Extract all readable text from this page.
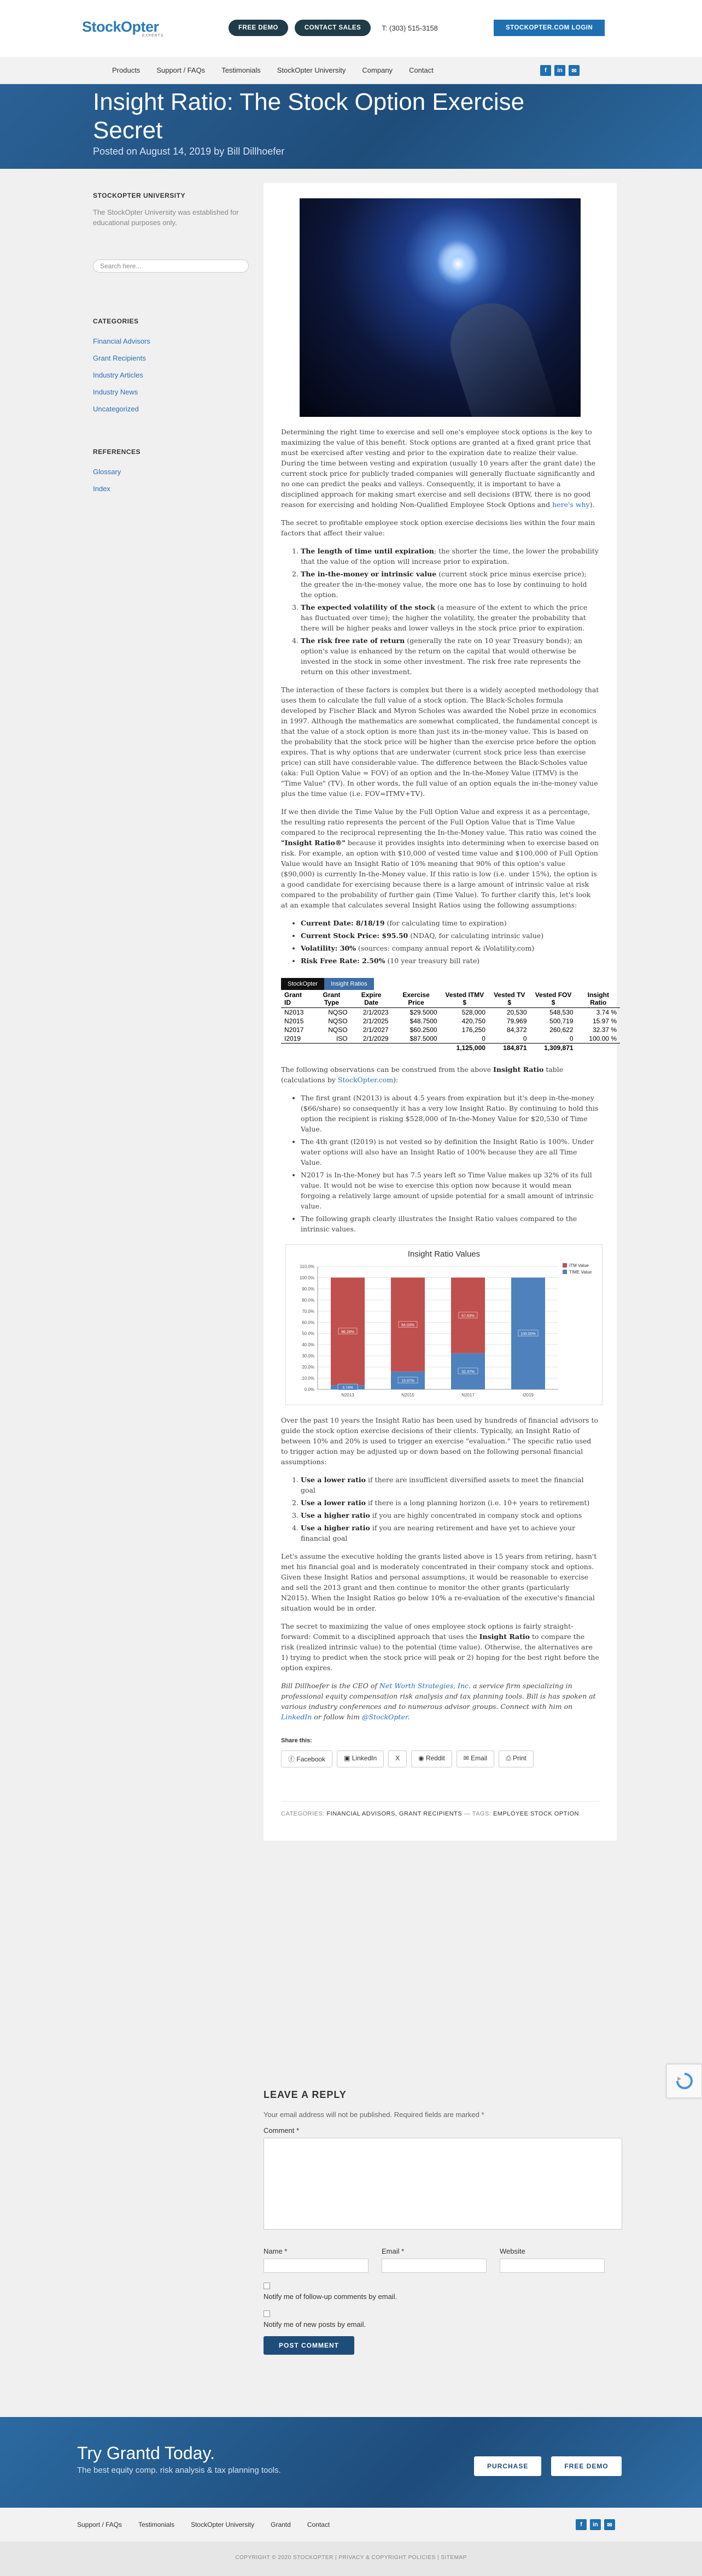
StockOpter
EXPERTS
FREE DEMO	CONTACT SALES	T: (303) 515-3158	STOCKOPTER.COM LOGIN
Products Support / FAQs Testimonials StockOpter University Company Contact	f	in	✉
Insight Ratio: The Stock Option Exercise Secret
Posted on August 14, 2019 by Bill Dillhoefer
STOCKOPTER UNIVERSITY
The StockOpter University was established for educational purposes only.
Search here...
CATEGORIES
Financial Advisors
Grant Recipients
Industry Articles
Industry News
Uncategorized
REFERENCES
Glossary
Index

Determining the right time to exercise and sell one's employee stock options is the key to maximizing the value of this benefit. Stock options are granted at a fixed grant price that must be exercised after vesting and prior to the expiration date to realize their value. During the time between vesting and expiration (usually 10 years after the grant date) the current stock price for publicly traded companies will generally fluctuate significantly and no one can predict the peaks and valleys. Consequently, it is important to have a disciplined approach for making smart exercise and sell decisions (BTW, there is no good reason for exercising and holding Non-Qualified Employee Stock Options and here's why).

The secret to profitable employee stock option exercise decisions lies within the four main factors that affect their value:

1. The length of time until expiration; the shorter the time, the lower the probability that the value of the option will increase prior to expiration.
2. The in-the-money or intrinsic value (current stock price minus exercise price); the greater the in-the-money value, the more one has to lose by continuing to hold the option.
3. The expected volatility of the stock (a measure of the extent to which the price has fluctuated over time); the higher the volatility, the greater the probability that there will be higher peaks and lower valleys in the stock price prior to expiration.
4. The risk free rate of return (generally the rate on 10 year Treasury bonds); an option's value is enhanced by the return on the capital that would otherwise be invested in the stock in some other investment. The risk free rate represents the return on this other investment.

The interaction of these factors is complex but there is a widely accepted methodology that uses them to calculate the full value of a stock option. The Black-Scholes formula developed by Fischer Black and Myron Scholes was awarded the Nobel prize in economics in 1997. Although the mathematics are somewhat complicated, the fundamental concept is that the value of a stock option is more than just its in-the-money value. This is based on the probability that the stock price will be higher than the exercise price before the option expires. That is why options that are underwater (current stock price less than exercise price) can still have considerable value. The difference between the Black-Scholes value (aka: Full Option Value = FOV) of an option and the In-the-Money Value (ITMV) is the "Time Value" (TV). In other words, the full value of an option equals the in-the-money value plus the time value (i.e. FOV=ITMV+TV).

If we then divide the Time Value by the Full Option Value and express it as a percentage, the resulting ratio represents the percent of the Full Option Value that is Time Value compared to the reciprocal representing the In-the-Money value. This ratio was coined the "Insight Ratio®" because it provides insights into determining when to exercise based on risk. For example, an option with $10,000 of vested time value and $100,000 of Full Option Value would have an Insight Ratio of 10% meaning that 90% of this option's value ($90,000) is currently In-the-Money value. If this ratio is low (i.e. under 15%), the option is a good candidate for exercising because there is a large amount of intrinsic value at risk compared to the probability of further gain (Time Value). To further clarify this, let's look at an example that calculates several Insight Ratios using the following assumptions:

• Current Date: 8/18/19 (for calculating time to expiration)
• Current Stock Price: $95.50 (NDAQ, for calculating intrinsic value)
• Volatility: 30% (sources: company annual report & iVolatility.com)
• Risk Free Rate: 2.50% (10 year treasury bill rate)
StockOpter	Insight Ratios
Grant ID	Grant Type	Expire Date	Exercise Price	Vested ITMV $	Vested TV $	Vested FOV $	Insight Ratio
N2013	NQSO	2/1/2023	$29.5000	528,000	20,530	548,530	3.74 %
N2015	NQSO	2/1/2025	$48.7500	420,750	79,969	500,719	15.97 %
N2017	NQSO	2/1/2027	$60.2500	176,250	84,372	260,622	32.37 %
I2019	ISO	2/1/2029	$87.5000	0	0	0	100.00 %
				1,125,000	184,871	1,309,871	

The following observations can be construed from the above Insight Ratio table (calculations by StockOpter.com):

• The first grant (N2013) is about 4.5 years from expiration but it's deep in-the-money ($66/share) so consequently it has a very low Insight Ratio. By continuing to hold this option the recipient is risking $528,000 of In-the-Money Value for $20,530 of Time Value.
• The 4th grant (I2019) is not vested so by definition the Insight Ratio is 100%. Under water options will also have an Insight Ratio of 100% because they are all Time Value.
• N2017 is In-the-Money but has 7.5 years left so Time Value makes up 32% of its full value. It would not be wise to exercise this option now because it would mean forgoing a relatively large amount of upside potential for a small amount of intrinsic value.
• The following graph clearly illustrates the Insight Ratio values compared to the intrinsic values.
Insight Ratio Values
0.0%
10.0%
20.0%
30.0%
40.0%
50.0%
60.0%
70.0%
80.0%
90.0%
100.0%
110.0%
96.26%
3.74%
N2013
84.03%
15.97%
N2015
67.63%
32.37%
N2017
100.00%
I2019
ITM Value
TIME Value

Over the past 10 years the Insight Ratio has been used by hundreds of financial advisors to guide the stock option exercise decisions of their clients. Typically, an Insight Ratio of between 10% and 20% is used to trigger an exercise "evaluation." The specific ratio used to trigger action may be adjusted up or down based on the following personal financial assumptions:

1. Use a lower ratio if there are insufficient diversified assets to meet the financial goal
2. Use a lower ratio if there is a long planning horizon (i.e. 10+ years to retirement)
3. Use a higher ratio if you are highly concentrated in company stock and options
4. Use a higher ratio if you are nearing retirement and have yet to achieve your financial goal

Let's assume the executive holding the grants listed above is 15 years from retiring, hasn't met his financial goal and is moderately concentrated in their company stock and options. Given these Insight Ratios and personal assumptions, it would be reasonable to exercise and sell the 2013 grant and then continue to monitor the other grants (particularly N2015). When the Insight Ratios go below 10% a re-evaluation of the executive's financial situation would be in order.

The secret to maximizing the value of ones employee stock options is fairly straight-forward: Commit to a disciplined approach that uses the Insight Ratio to compare the risk (realized intrinsic value) to the potential (time value). Otherwise, the alternatives are 1) trying to predict when the stock price will peak or 2) hoping for the best right before the option expires.

Bill Dillhoefer is the CEO of Net Worth Strategies, Inc. a service firm specializing in professional equity compensation risk analysis and tax planning tools. Bill is has spoken at various industry conferences and to numerous advisor groups. Connect with him on LinkedIn or follow him @StockOpter.

Share this:
ⓕ Facebook	▣ LinkedIn	X	◉ Reddit	✉ Email	⎙ Print
CATEGORIES: FINANCIAL ADVISORS, GRANT RECIPIENTS — TAGS: EMPLOYEE STOCK OPTION
LEAVE A REPLY
Your email address will not be published. Required fields are marked *
Comment *
Name *	Email *	Website
Notify me of follow-up comments by email.
Notify me of new posts by email.
POST COMMENT
Try Grantd Today.
The best equity comp. risk analysis & tax planning tools.	PURCHASE	FREE DEMO
Support / FAQs	Testimonials	StockOpter University	Grantd	Contact	f	in	✉
COPYRIGHT © 2020 STOCKOPTER | PRIVACY & COPYRIGHT POLICIES | SITEMAP
